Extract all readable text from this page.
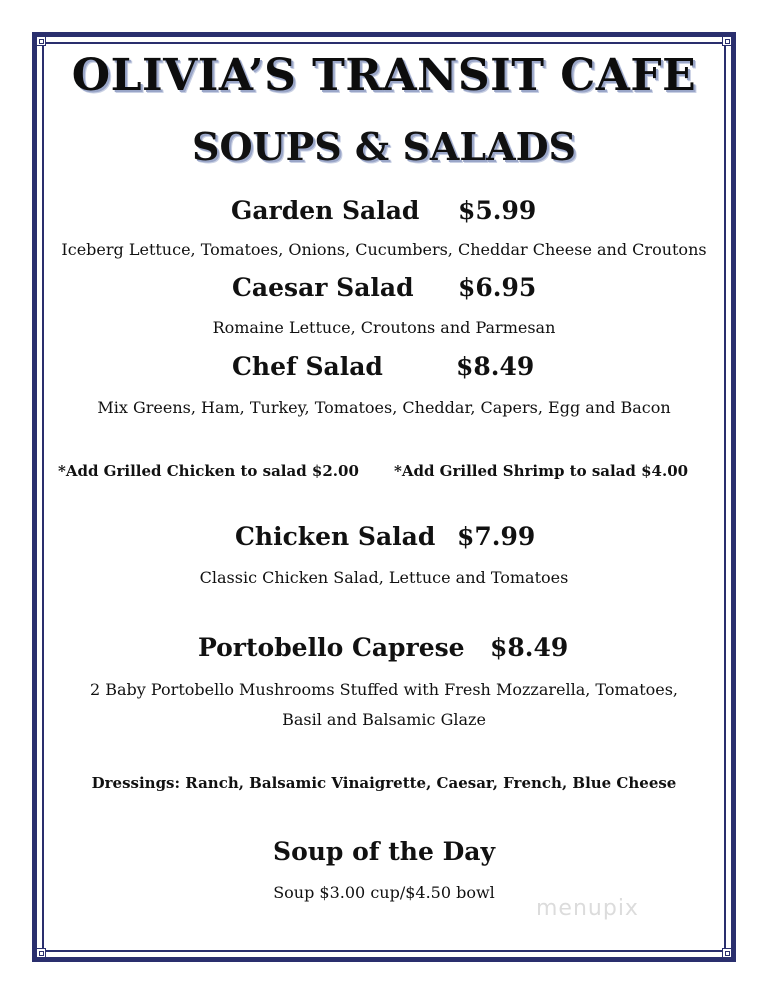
OLIVIA’S TRANSIT CAFE
SOUPS & SALADS
Garden Salad $5.99
Iceberg Lettuce, Tomatoes, Onions, Cucumbers, Cheddar Cheese and Croutons
Caesar Salad $6.95
Romaine Lettuce, Croutons and Parmesan
Chef Salad	$8.49
Mix Greens, Ham, Turkey, Tomatoes, Cheddar, Capers, Egg and Bacon
*Add Grilled Chicken to salad $2.00 *Add Grilled Shrimp to salad $4.00
Chicken Salad $7.99
Classic Chicken Salad, Lettuce and Tomatoes
Portobello Caprese $8.49
2 Baby Portobello Mushrooms Stuffed with Fresh Mozzarella, Tomatoes,
Basil and Balsamic Glaze
Dressings: Ranch, Balsamic Vinaigrette, Caesar, French, Blue Cheese
Soup of the Day
Soup $3.00 cup/$4.50 bowl
menupix
